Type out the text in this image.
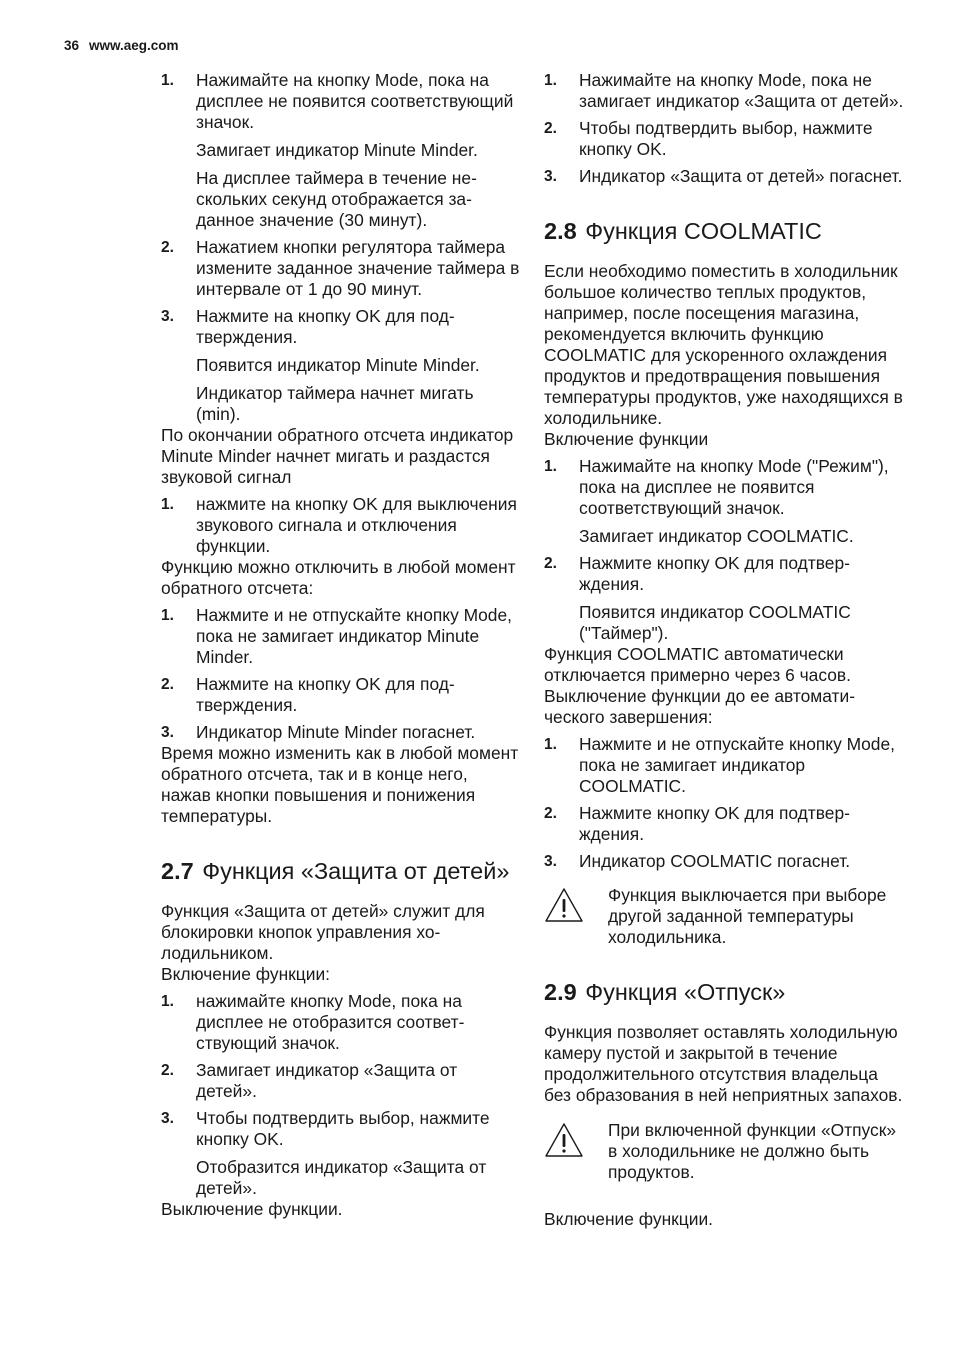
36 www.aeg.com
1.	Нажимайте на кнопку Mode, пока на дисплее не появится соответствующий значок.
Замигает индикатор Minute Minder.
На дисплее таймера в течение нескольких секунд отображается заданное значение (30 минут).
2.	Нажатием кнопки регулятора таймера измените заданное значение таймера в интервале от 1 до 90 минут.
3.	Нажмите на кнопку OK для подтверждения.
Появится индикатор Minute Minder.
Индикатор таймера начнет мигать (min).
По окончании обратного отсчета индикатор Minute Minder начнет мигать и раздастся звуковой сигнал
1.	нажмите на кнопку OK для выключения звукового сигнала и отключения функции.
Функцию можно отключить в любой момент обратного отсчета:
1.	Нажмите и не отпускайте кнопку Mode, пока не замигает индикатор Minute Minder.
2.	Нажмите на кнопку OK для подтверждения.
3.	Индикатор Minute Minder погаснет.
Время можно изменить как в любой момент обратного отсчета, так и в конце него, нажав кнопки повышения и понижения температуры.
2.7 Функция «Защита от детей»
Функция «Защита от детей» служит для блокировки кнопок управления холодильником.
Включение функции:
1.	нажимайте кнопку Mode, пока на дисплее не отобразится соответствующий значок.
2.	Замигает индикатор «Защита от детей».
3.	Чтобы подтвердить выбор, нажмите кнопку OK.
Отобразится индикатор «Защита от детей».
Выключение функции.
1.	Нажимайте на кнопку Mode, пока не замигает индикатор «Защита от детей».
2.	Чтобы подтвердить выбор, нажмите кнопку OK.
3.	Индикатор «Защита от детей» погаснет.
2.8 Функция COOLMATIC
Если необходимо поместить в холодильник большое количество теплых продуктов, например, после посещения магазина, рекомендуется включить функцию COOLMATIC для ускоренного охлаждения продуктов и предотвращения повышения температуры продуктов, уже находящихся в холодильнике.
Включение функции
1.	Нажимайте на кнопку Mode ("Режим"), пока на дисплее не появится соответствующий значок.
Замигает индикатор COOLMATIC.
2.	Нажмите кнопку OK для подтверждения.
Появится индикатор COOLMATIC ("Таймер").
Функция COOLMATIC автоматически отключается примерно через 6 часов.
Выключение функции до ее автоматического завершения:
1.	Нажмите и не отпускайте кнопку Mode, пока не замигает индикатор COOLMATIC.
2.	Нажмите кнопку OK для подтверждения.
3.	Индикатор COOLMATIC погаснет.
Функция выключается при выборе другой заданной температуры холодильника.
2.9 Функция «Отпуск»
Функция позволяет оставлять холодильную камеру пустой и закрытой в течение продолжительного отсутствия владельца без образования в ней неприятных запахов.
При включенной функции «Отпуск» в холодильнике не должно быть продуктов.
Включение функции.
